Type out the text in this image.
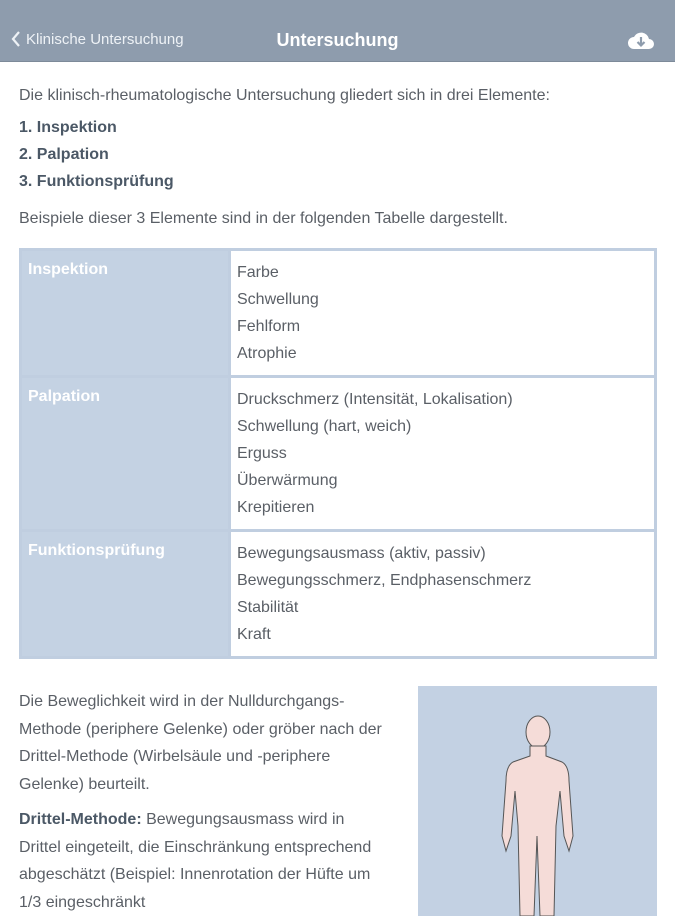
Klinische Untersuchung	Untersuchung

Die klinisch-rheumatologische Untersuchung gliedert sich in drei Elemente:

1. Inspektion
2. Palpation
3. Funktionsprüfung

Beispiele dieser 3 Elemente sind in der folgenden Tabelle dargestellt.

Inspektion	Farbe
Schwellung
Fehlform
Atrophie

Palpation	Druckschmerz (Intensität, Lokalisation)
Schwellung (hart, weich)
Erguss
Überwärmung
Krepitieren

Funktionsprüfung	Bewegungsausmass (aktiv, passiv)
Bewegungsschmerz, Endphasenschmerz
Stabilität
Kraft

Die Beweglichkeit wird in der Nulldurchgangs-Methode (periphere Gelenke) oder gröber nach der Drittel-Methode (Wirbelsäule und -periphere Gelenke) beurteilt.

Drittel-Methode: Bewegungsausmass wird in Drittel eingeteilt, die Einschränkung entsprechend abgeschätzt (Beispiel: Innenrotation der Hüfte um 1/3 eingeschränkt
